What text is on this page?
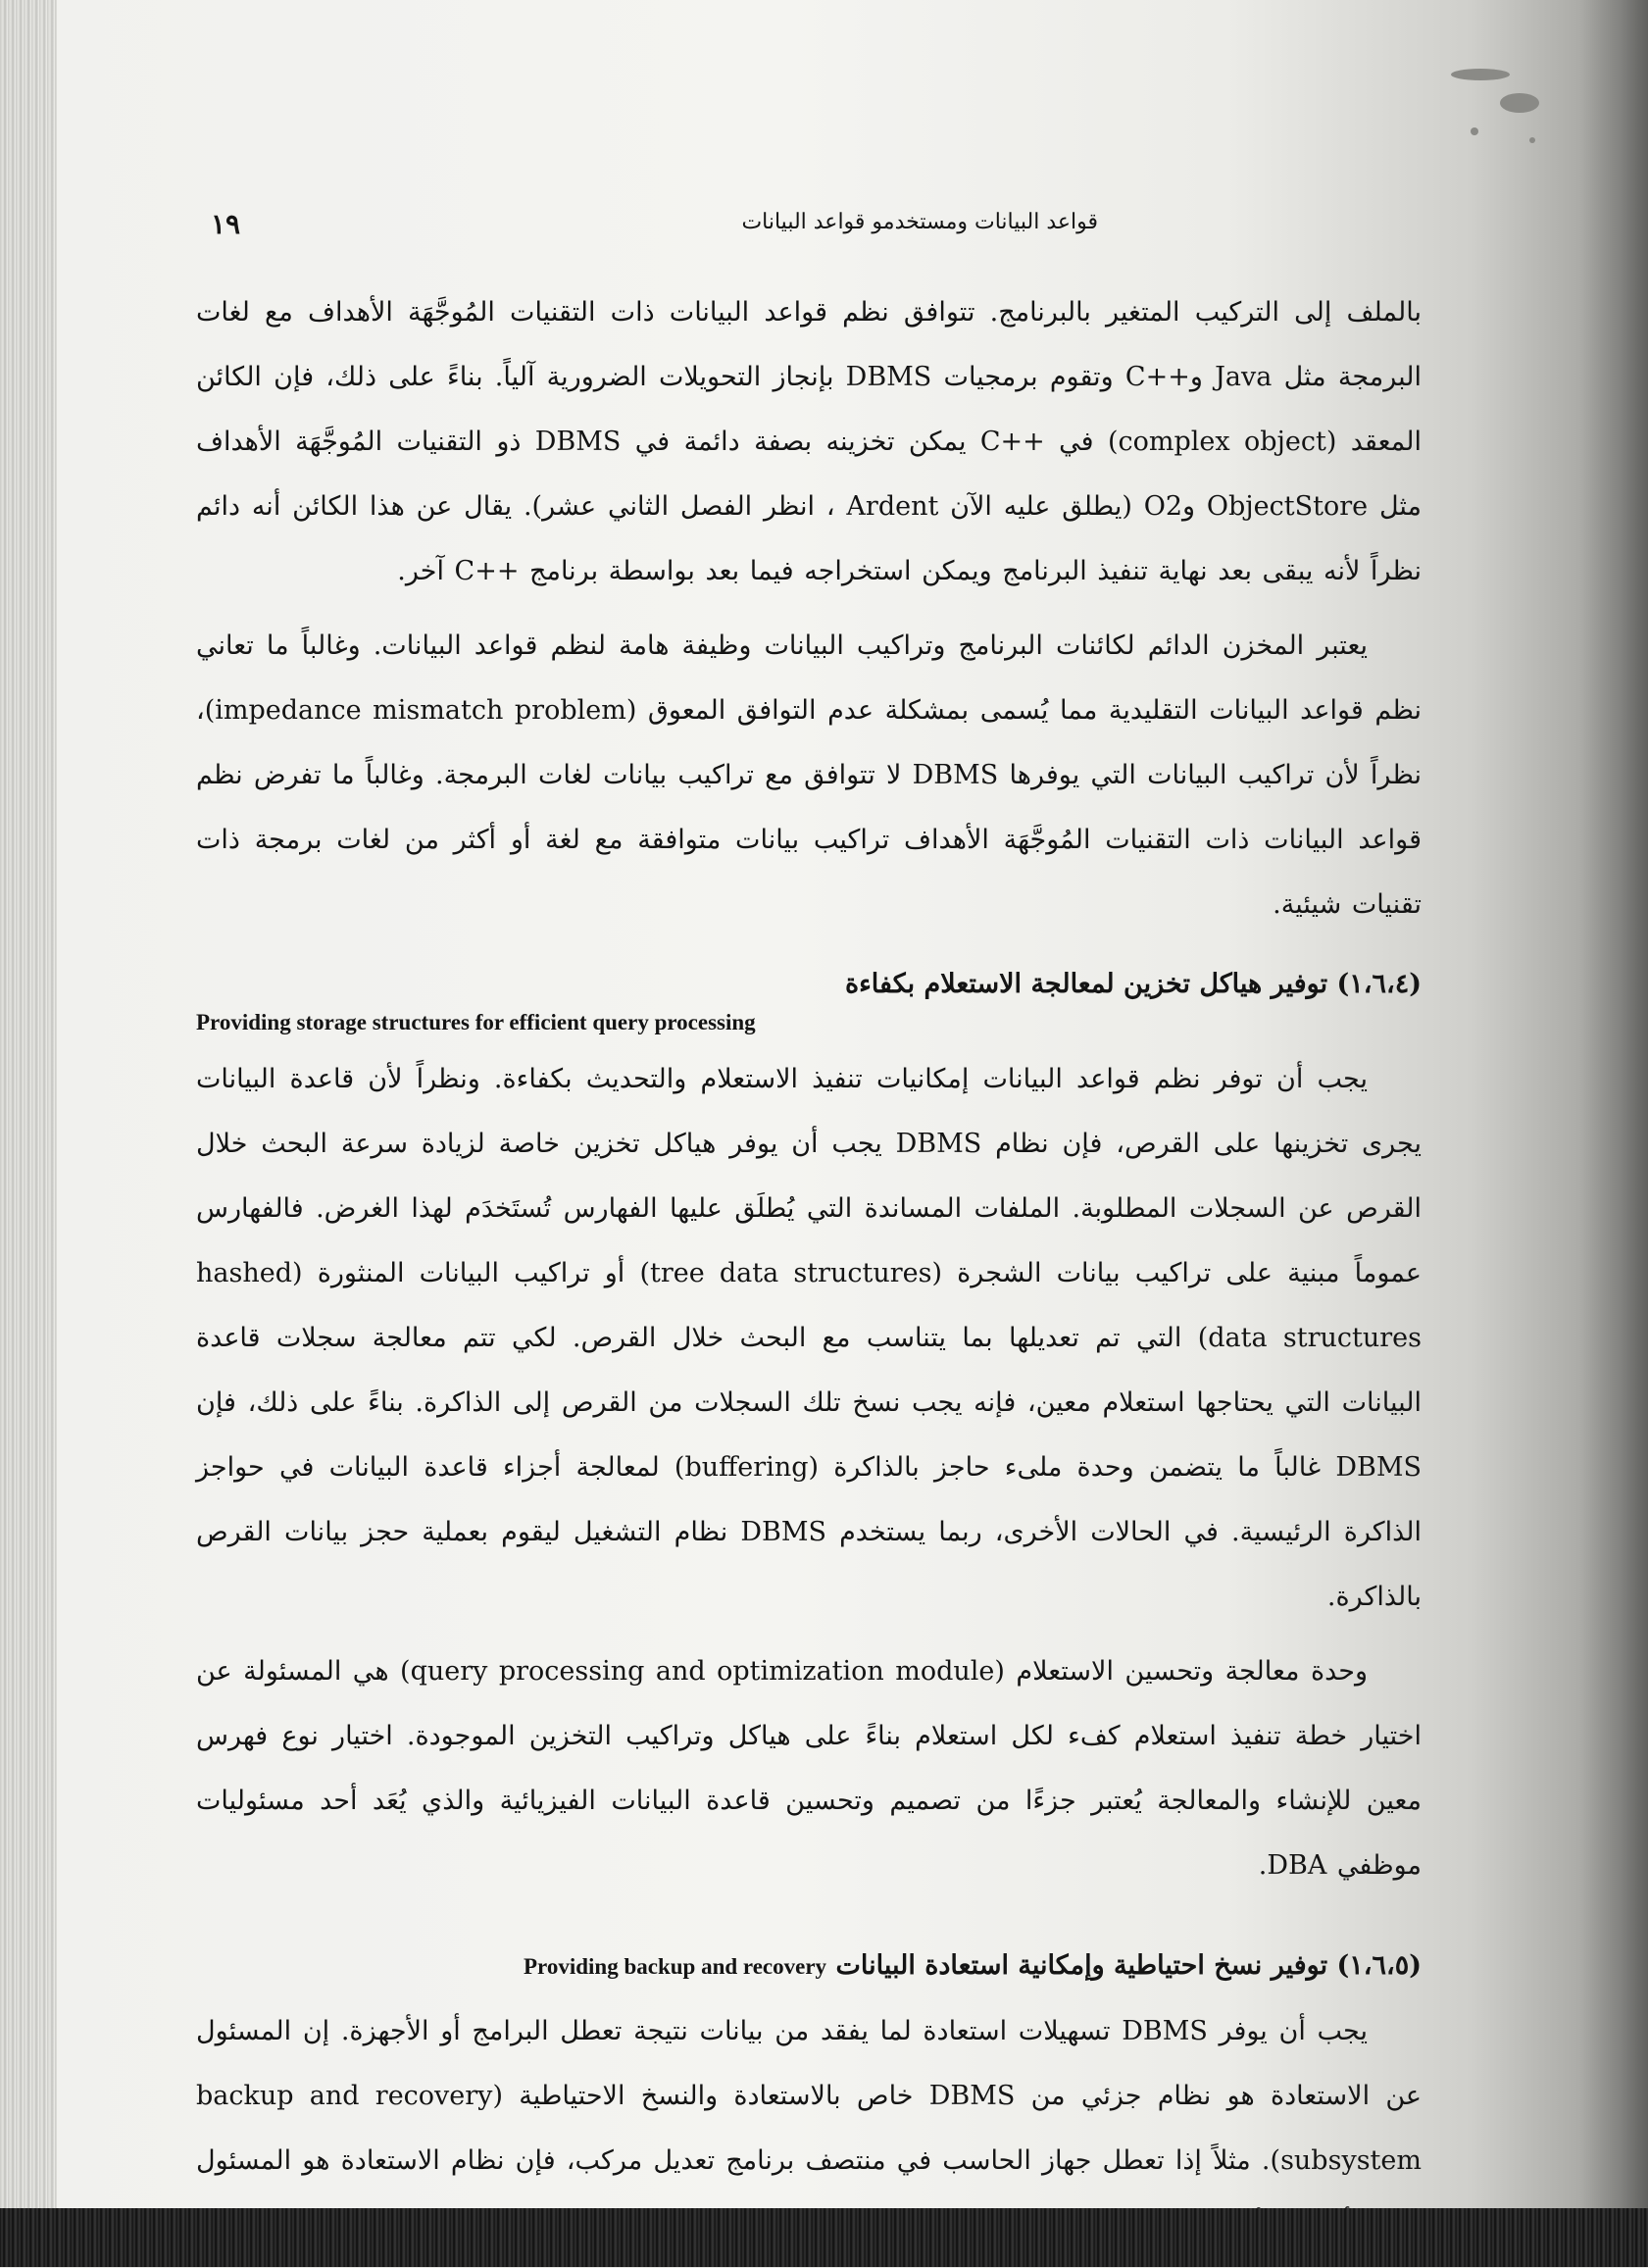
قواعد البيانات ومستخدمو قواعد البيانات
١٩

بالملف إلى التركيب المتغير بالبرنامج. تتوافق نظم قواعد البيانات ذات التقنيات المُوجَّهَة الأهداف مع لغات البرمجة مثل Java و++C وتقوم برمجيات DBMS بإنجاز التحويلات الضرورية آلياً. بناءً على ذلك، فإن الكائن المعقد (complex object) في ++C يمكن تخزينه بصفة دائمة في DBMS ذو التقنيات المُوجَّهَة الأهداف مثل ObjectStore وO2 (يطلق عليه الآن Ardent ، انظر الفصل الثاني عشر). يقال عن هذا الكائن أنه دائم نظراً لأنه يبقى بعد نهاية تنفيذ البرنامج ويمكن استخراجه فيما بعد بواسطة برنامج ++C آخر.

يعتبر المخزن الدائم لكائنات البرنامج وتراكيب البيانات وظيفة هامة لنظم قواعد البيانات. وغالباً ما تعاني نظم قواعد البيانات التقليدية مما يُسمى بمشكلة عدم التوافق المعوق (impedance mismatch problem)، نظراً لأن تراكيب البيانات التي يوفرها DBMS لا تتوافق مع تراكيب بيانات لغات البرمجة. وغالباً ما تفرض نظم قواعد البيانات ذات التقنيات المُوجَّهَة الأهداف تراكيب بيانات متوافقة مع لغة أو أكثر من لغات برمجة ذات تقنيات شيئية.

(١،٦،٤) توفير هياكل تخزين لمعالجة الاستعلام بكفاءة
Providing storage structures for efficient query processing

يجب أن توفر نظم قواعد البيانات إمكانيات تنفيذ الاستعلام والتحديث بكفاءة. ونظراً لأن قاعدة البيانات يجرى تخزينها على القرص، فإن نظام DBMS يجب أن يوفر هياكل تخزين خاصة لزيادة سرعة البحث خلال القرص عن السجلات المطلوبة. الملفات المساندة التي يُطلَق عليها الفهارس تُستَخدَم لهذا الغرض. فالفهارس عموماً مبنية على تراكيب بيانات الشجرة (tree data structures) أو تراكيب البيانات المنثورة (hashed data structures) التي تم تعديلها بما يتناسب مع البحث خلال القرص. لكي تتم معالجة سجلات قاعدة البيانات التي يحتاجها استعلام معين، فإنه يجب نسخ تلك السجلات من القرص إلى الذاكرة. بناءً على ذلك، فإن DBMS غالباً ما يتضمن وحدة ملىء حاجز بالذاكرة (buffering) لمعالجة أجزاء قاعدة البيانات في حواجز الذاكرة الرئيسية. في الحالات الأخرى، ربما يستخدم DBMS نظام التشغيل ليقوم بعملية حجز بيانات القرص بالذاكرة.

وحدة معالجة وتحسين الاستعلام (query processing and optimization module) هي المسئولة عن اختيار خطة تنفيذ استعلام كفء لكل استعلام بناءً على هياكل وتراكيب التخزين الموجودة. اختيار نوع فهرس معين للإنشاء والمعالجة يُعتبر جزءًا من تصميم وتحسين قاعدة البيانات الفيزيائية والذي يُعَد أحد مسئوليات موظفي DBA.

(١،٦،٥) توفير نسخ احتياطية وإمكانية استعادة البيانات Providing backup and recovery

يجب أن يوفر DBMS تسهيلات استعادة لما يفقد من بيانات نتيجة تعطل البرامج أو الأجهزة. إن المسئول عن الاستعادة هو نظام جزئي من DBMS خاص بالاستعادة والنسخ الاحتياطية (backup and recovery subsystem). مثلاً إذا تعطل جهاز الحاسب في منتصف برنامج تعديل مركب، فإن نظام الاستعادة هو المسئول
